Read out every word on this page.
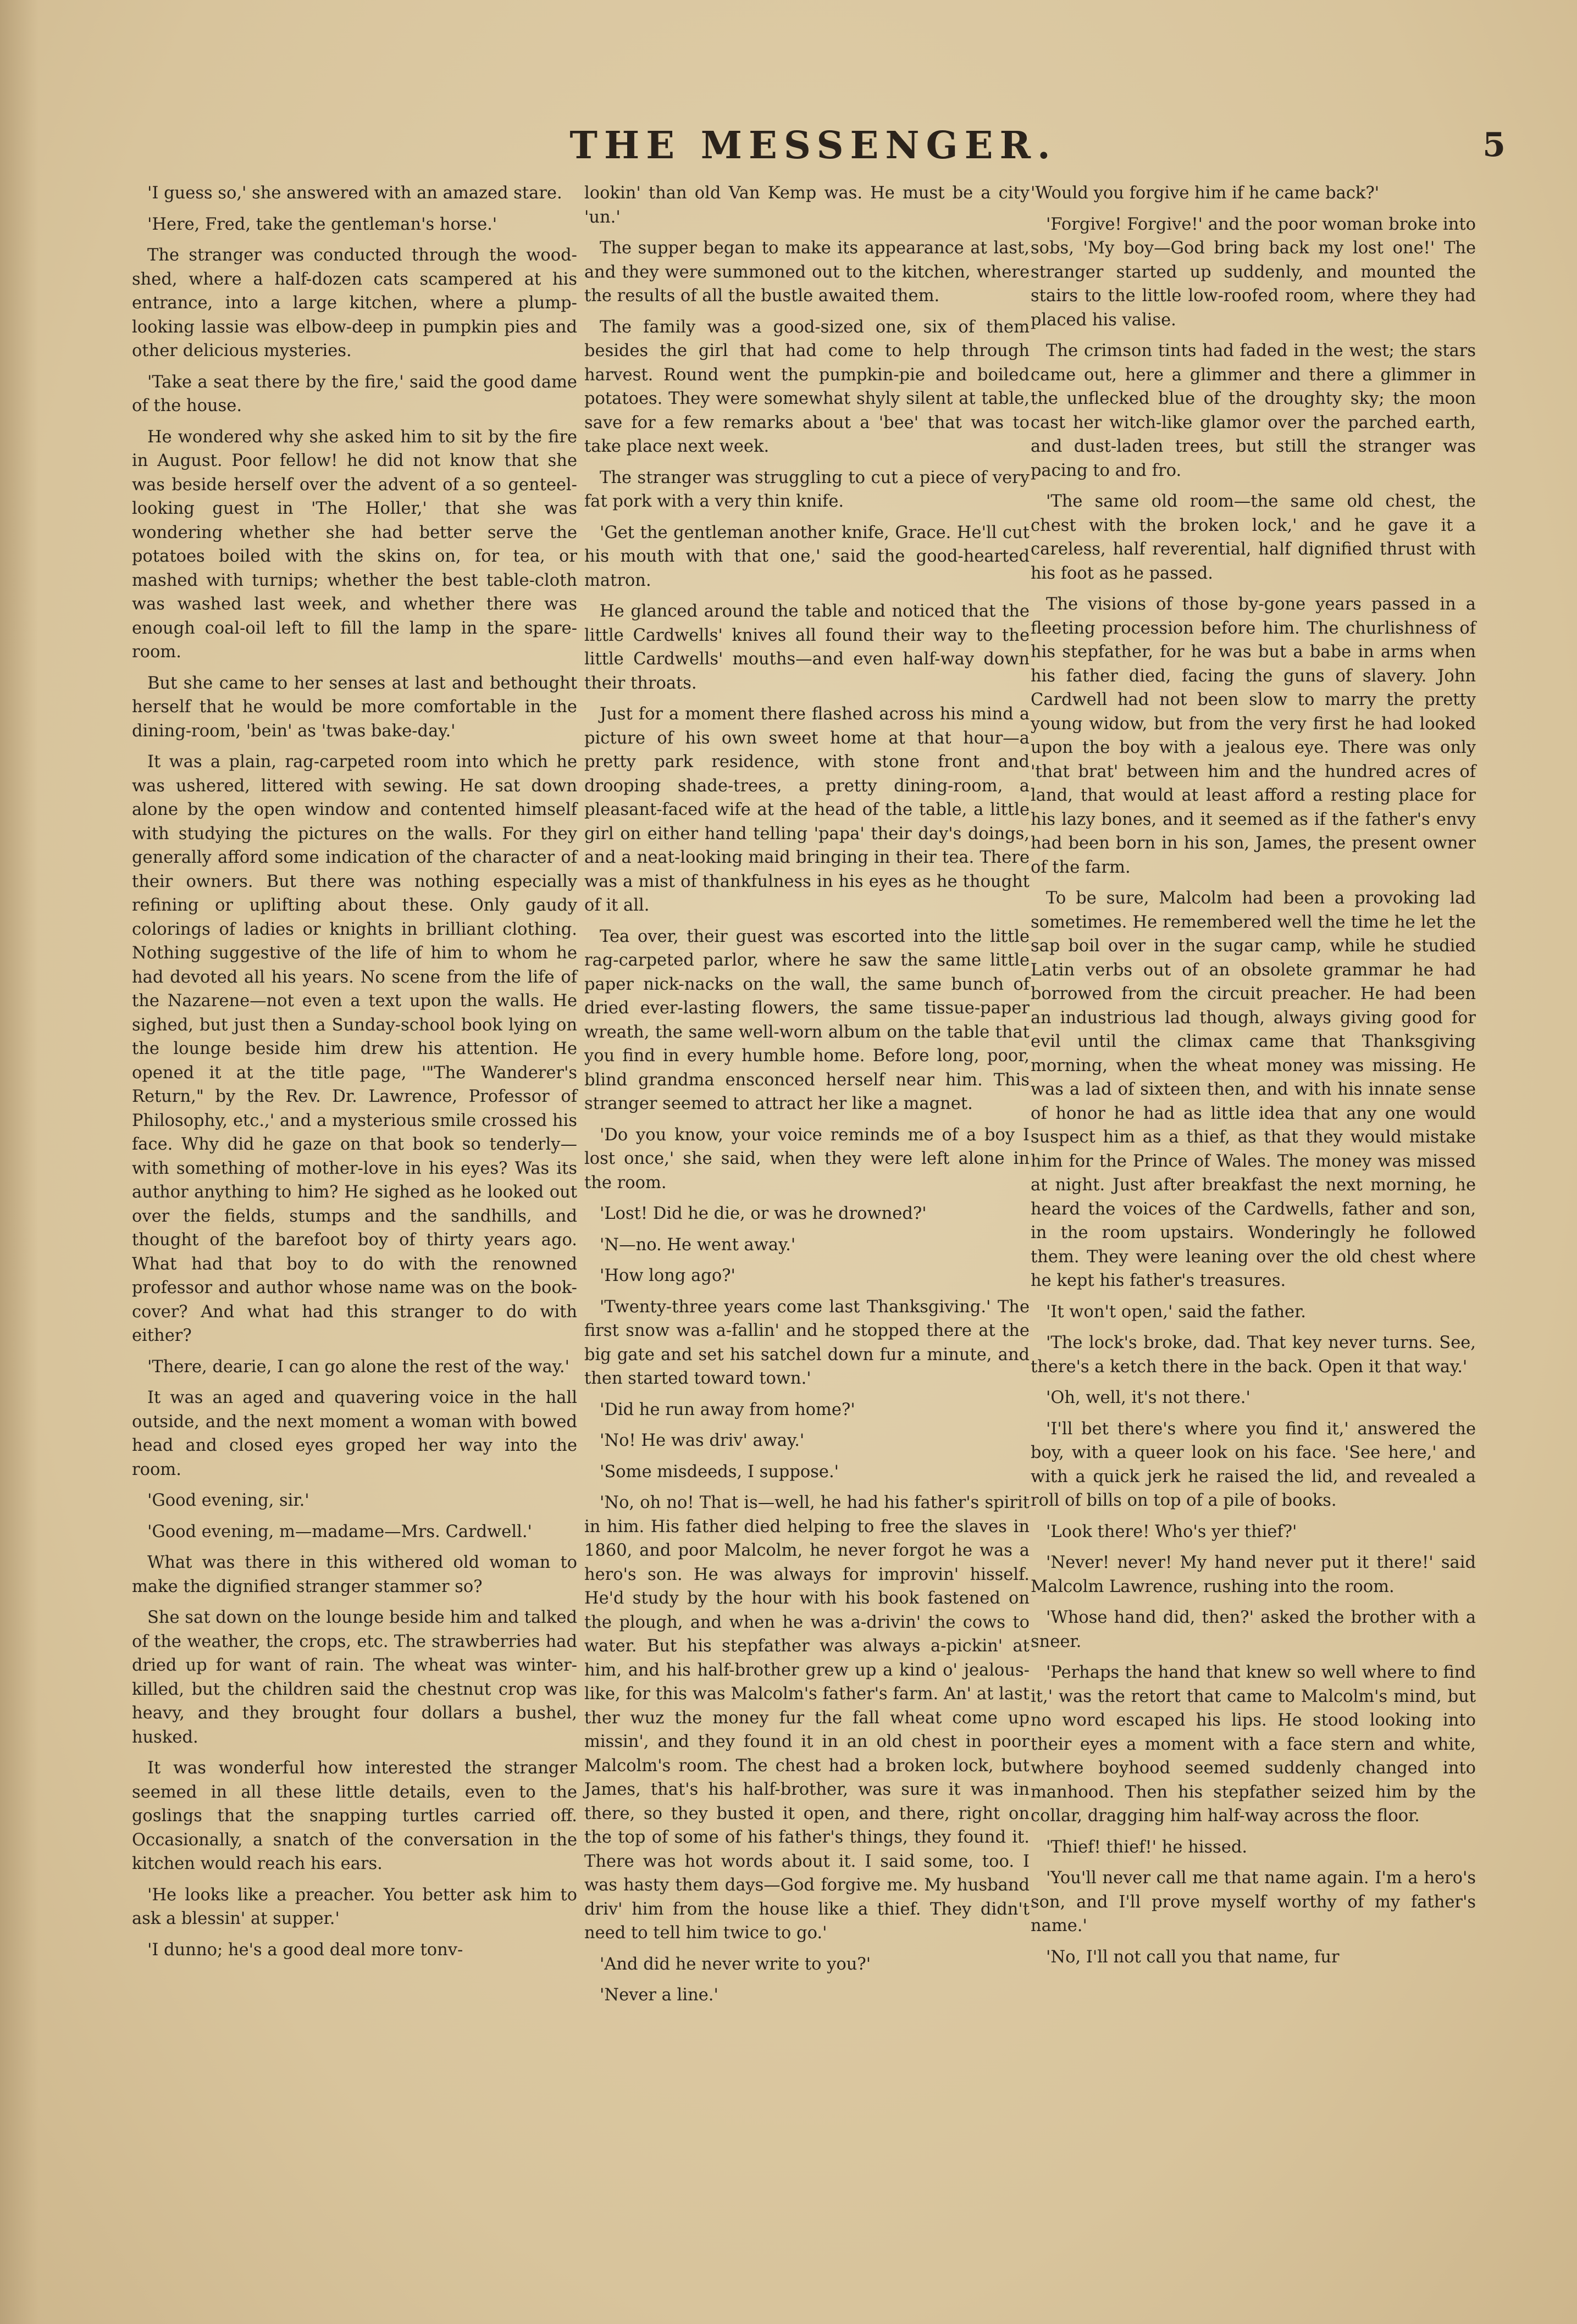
THE MESSENGER.	5

'I guess so,' she answered with an amazed stare.

'Here, Fred, take the gentleman's horse.'

The stranger was conducted through the wood-shed, where a half-dozen cats scampered at his entrance, into a large kitchen, where a plump-looking lassie was elbow-deep in pumpkin pies and other delicious mysteries.

'Take a seat there by the fire,' said the good dame of the house.

He wondered why she asked him to sit by the fire in August. Poor fellow! he did not know that she was beside herself over the advent of a so genteel-looking guest in 'The Holler,' that she was wondering whether she had better serve the potatoes boiled with the skins on, for tea, or mashed with turnips; whether the best table-cloth was washed last week, and whether there was enough coal-oil left to fill the lamp in the spare-room.

But she came to her senses at last and bethought herself that he would be more comfortable in the dining-room, 'bein' as 'twas bake-day.'

It was a plain, rag-carpeted room into which he was ushered, littered with sewing. He sat down alone by the open window and contented himself with studying the pictures on the walls. For they generally afford some indication of the character of their owners. But there was nothing especially refining or uplifting about these. Only gaudy colorings of ladies or knights in brilliant clothing. Nothing suggestive of the life of him to whom he had devoted all his years. No scene from the life of the Nazarene—not even a text upon the walls. He sighed, but just then a Sunday-school book lying on the lounge beside him drew his attention. He opened it at the title page, '"The Wanderer's Return," by the Rev. Dr. Lawrence, Professor of Philosophy, etc.,' and a mysterious smile crossed his face. Why did he gaze on that book so tenderly—with something of mother-love in his eyes? Was its author anything to him? He sighed as he looked out over the fields, stumps and the sandhills, and thought of the barefoot boy of thirty years ago. What had that boy to do with the renowned professor and author whose name was on the book-cover? And what had this stranger to do with either?

'There, dearie, I can go alone the rest of the way.'

It was an aged and quavering voice in the hall outside, and the next moment a woman with bowed head and closed eyes groped her way into the room.

'Good evening, sir.'

'Good evening, m—madame—Mrs. Cardwell.'

What was there in this withered old woman to make the dignified stranger stammer so?

She sat down on the lounge beside him and talked of the weather, the crops, etc. The strawberries had dried up for want of rain. The wheat was winter-killed, but the children said the chestnut crop was heavy, and they brought four dollars a bushel, husked.

It was wonderful how interested the stranger seemed in all these little details, even to the goslings that the snapping turtles carried off. Occasionally, a snatch of the conversation in the kitchen would reach his ears.

'He looks like a preacher. You better ask him to ask a blessin' at supper.'

'I dunno; he's a good deal more tonv-

lookin' than old Van Kemp was. He must be a city 'un.'

The supper began to make its appearance at last, and they were summoned out to the kitchen, where the results of all the bustle awaited them.

The family was a good-sized one, six of them besides the girl that had come to help through harvest. Round went the pumpkin-pie and boiled potatoes. They were somewhat shyly silent at table, save for a few remarks about a 'bee' that was to take place next week.

The stranger was struggling to cut a piece of very fat pork with a very thin knife.

'Get the gentleman another knife, Grace. He'll cut his mouth with that one,' said the good-hearted matron.

He glanced around the table and noticed that the little Cardwells' knives all found their way to the little Cardwells' mouths—and even half-way down their throats.

Just for a moment there flashed across his mind a picture of his own sweet home at that hour—a pretty park residence, with stone front and drooping shade-trees, a pretty dining-room, a pleasant-faced wife at the head of the table, a little girl on either hand telling 'papa' their day's doings, and a neat-looking maid bringing in their tea. There was a mist of thankfulness in his eyes as he thought of it all.

Tea over, their guest was escorted into the little rag-carpeted parlor, where he saw the same little paper nick-nacks on the wall, the same bunch of dried ever-lasting flowers, the same tissue-paper wreath, the same well-worn album on the table that you find in every humble home. Before long, poor, blind grandma ensconced herself near him. This stranger seemed to attract her like a magnet.

'Do you know, your voice reminds me of a boy I lost once,' she said, when they were left alone in the room.

'Lost! Did he die, or was he drowned?'

'N—no. He went away.'

'How long ago?'

'Twenty-three years come last Thanksgiving.' The first snow was a-fallin' and he stopped there at the big gate and set his satchel down fur a minute, and then started toward town.'

'Did he run away from home?'

'No! He was driv' away.'

'Some misdeeds, I suppose.'

'No, oh no! That is—well, he had his father's spirit in him. His father died helping to free the slaves in 1860, and poor Malcolm, he never forgot he was a hero's son. He was always for improvin' hisself. He'd study by the hour with his book fastened on the plough, and when he was a-drivin' the cows to water. But his stepfather was always a-pickin' at him, and his half-brother grew up a kind o' jealous-like, for this was Malcolm's father's farm. An' at last ther wuz the money fur the fall wheat come up missin', and they found it in an old chest in poor Malcolm's room. The chest had a broken lock, but James, that's his half-brother, was sure it was in there, so they busted it open, and there, right on the top of some of his father's things, they found it. There was hot words about it. I said some, too. I was hasty them days—God forgive me. My husband driv' him from the house like a thief. They didn't need to tell him twice to go.'

'And did he never write to you?'

'Never a line.'

'Would you forgive him if he came back?'

'Forgive! Forgive!' and the poor woman broke into sobs, 'My boy—God bring back my lost one!' The stranger started up suddenly, and mounted the stairs to the little low-roofed room, where they had placed his valise.

The crimson tints had faded in the west; the stars came out, here a glimmer and there a glimmer in the unflecked blue of the droughty sky; the moon cast her witch-like glamor over the parched earth, and dust-laden trees, but still the stranger was pacing to and fro.

'The same old room—the same old chest, the chest with the broken lock,' and he gave it a careless, half reverential, half dignified thrust with his foot as he passed.

The visions of those by-gone years passed in a fleeting procession before him. The churlishness of his stepfather, for he was but a babe in arms when his father died, facing the guns of slavery. John Cardwell had not been slow to marry the pretty young widow, but from the very first he had looked upon the boy with a jealous eye. There was only 'that brat' between him and the hundred acres of land, that would at least afford a resting place for his lazy bones, and it seemed as if the father's envy had been born in his son, James, the present owner of the farm.

To be sure, Malcolm had been a provoking lad sometimes. He remembered well the time he let the sap boil over in the sugar camp, while he studied Latin verbs out of an obsolete grammar he had borrowed from the circuit preacher. He had been an industrious lad though, always giving good for evil until the climax came that Thanksgiving morning, when the wheat money was missing. He was a lad of sixteen then, and with his innate sense of honor he had as little idea that any one would suspect him as a thief, as that they would mistake him for the Prince of Wales. The money was missed at night. Just after breakfast the next morning, he heard the voices of the Cardwells, father and son, in the room upstairs. Wonderingly he followed them. They were leaning over the old chest where he kept his father's treasures.

'It won't open,' said the father.

'The lock's broke, dad. That key never turns. See, there's a ketch there in the back. Open it that way.'

'Oh, well, it's not there.'

'I'll bet there's where you find it,' answered the boy, with a queer look on his face. 'See here,' and with a quick jerk he raised the lid, and revealed a roll of bills on top of a pile of books.

'Look there! Who's yer thief?'

'Never! never! My hand never put it there!' said Malcolm Lawrence, rushing into the room.

'Whose hand did, then?' asked the brother with a sneer.

'Perhaps the hand that knew so well where to find it,' was the retort that came to Malcolm's mind, but no word escaped his lips. He stood looking into their eyes a moment with a face stern and white, where boyhood seemed suddenly changed into manhood. Then his stepfather seized him by the collar, dragging him half-way across the floor.

'Thief! thief!' he hissed.

'You'll never call me that name again. I'm a hero's son, and I'll prove myself worthy of my father's name.'

'No, I'll not call you that name, fur
